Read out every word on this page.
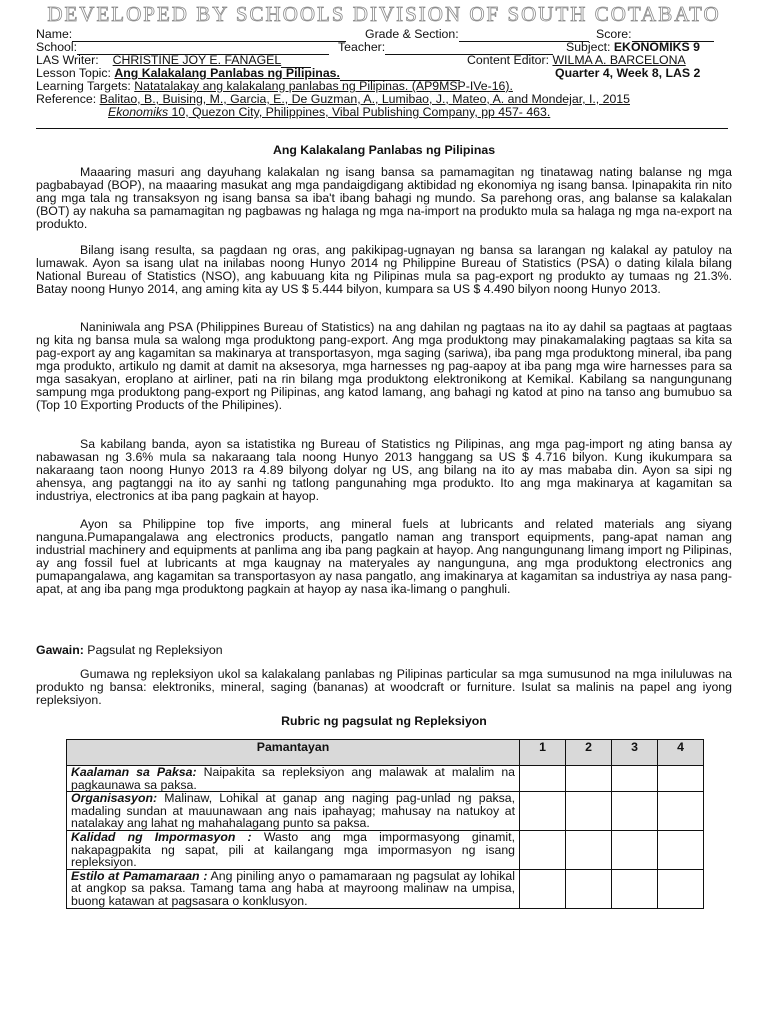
DEVELOPED BY SCHOOLS DIVISION OF SOUTH COTABATO
Name:	Grade & Section:	Score:
School:	Teacher:	Subject: EKONOMIKS 9
LAS Writer: CHRISTINE JOY E. FANAGEL	Content Editor: WILMA A. BARCELONA
Lesson Topic: Ang Kalakalang Panlabas ng Pilipinas.	Quarter 4, Week 8, LAS 2
Learning Targets: Natatalakay ang kalakalang panlabas ng Pilipinas. (AP9MSP-IVe-16).
Reference: Balitao, B., Buising, M., Garcia, E., De Guzman, A., Lumibao, J., Mateo, A. and Mondejar, I., 2015
Ekonomiks 10, Quezon City, Philippines, Vibal Publishing Company, pp 457- 463.
Ang Kalakalang Panlabas ng Pilipinas

Maaaring masuri ang dayuhang kalakalan ng isang bansa sa pamamagitan ng tinatawag nating balanse ng mga pagbabayad (BOP), na maaaring masukat ang mga pandaigdigang aktibidad ng ekonomiya ng isang bansa. Ipinapakita rin nito ang mga tala ng transaksyon ng isang bansa sa iba't ibang bahagi ng mundo. Sa parehong oras, ang balanse sa kalakalan (BOT) ay nakuha sa pamamagitan ng pagbawas ng halaga ng mga na-import na produkto mula sa halaga ng mga na-export na produkto.

Bilang isang resulta, sa pagdaan ng oras, ang pakikipag-ugnayan ng bansa sa larangan ng kalakal ay patuloy na lumawak. Ayon sa isang ulat na inilabas noong Hunyo 2014 ng Philippine Bureau of Statistics (PSA) o dating kilala bilang National Bureau of Statistics (NSO), ang kabuuang kita ng Pilipinas mula sa pag-export ng produkto ay tumaas ng 21.3%. Batay noong Hunyo 2014, ang aming kita ay US $ 5.444 bilyon, kumpara sa US $ 4.490 bilyon noong Hunyo 2013.

Naniniwala ang PSA (Philippines Bureau of Statistics) na ang dahilan ng pagtaas na ito ay dahil sa pagtaas at pagtaas ng kita ng bansa mula sa walong mga produktong pang-export. Ang mga produktong may pinakamalaking pagtaas sa kita sa pag-export ay ang kagamitan sa makinarya at transportasyon, mga saging (sariwa), iba pang mga produktong mineral, iba pang mga produkto, artikulo ng damit at damit na aksesorya, mga harnesses ng pag-aapoy at iba pang mga wire harnesses para sa mga sasakyan, eroplano at airliner, pati na rin bilang mga produktong elektronikong at Kemikal. Kabilang sa nangungunang sampung mga produktong pang-export ng Pilipinas, ang katod lamang, ang bahagi ng katod at pino na tanso ang bumubuo sa (Top 10 Exporting Products of the Philipines).

Sa kabilang banda, ayon sa istatistika ng Bureau of Statistics ng Pilipinas, ang mga pag-import ng ating bansa ay nabawasan ng 3.6% mula sa nakaraang tala noong Hunyo 2013 hanggang sa US $ 4.716 bilyon. Kung ikukumpara sa nakaraang taon noong Hunyo 2013 ra 4.89 bilyong dolyar ng US, ang bilang na ito ay mas mababa din. Ayon sa sipi ng ahensya, ang pagtanggi na ito ay sanhi ng tatlong pangunahing mga produkto. Ito ang mga makinarya at kagamitan sa industriya, electronics at iba pang pagkain at hayop.

Ayon sa Philippine top five imports, ang mineral fuels at lubricants and related materials ang siyang nanguna.Pumapangalawa ang electronics products, pangatlo naman ang transport equipments, pang-apat naman ang industrial machinery and equipments at panlima ang iba pang pagkain at hayop. Ang nangungunang limang import ng Pilipinas, ay ang fossil fuel at lubricants at mga kaugnay na materyales ay nangunguna, ang mga produktong electronics ang pumapangalawa, ang kagamitan sa transportasyon ay nasa pangatlo, ang imakinarya at kagamitan sa industriya ay nasa pang-apat, at ang iba pang mga produktong pagkain at hayop ay nasa ika-limang o panghuli.

Gawain: Pagsulat ng Repleksiyon

Gumawa ng repleksiyon ukol sa kalakalang panlabas ng Pilipinas particular sa mga sumusunod na mga iniluluwas na produkto ng bansa: elektroniks, mineral, saging (bananas) at woodcraft or furniture. Isulat sa malinis na papel ang iyong repleksiyon.

Rubric ng pagsulat ng Repleksiyon
Pamantayan	1	2	3	4
Kaalaman sa Paksa: Naipakita sa repleksiyon ang malawak at malalim na pagkaunawa sa paksa.				
Organisasyon: Malinaw, Lohikal at ganap ang naging pag-unlad ng paksa, madaling sundan at mauunawaan ang nais ipahayag; mahusay na natukoy at natalakay ang lahat ng mahahalagang punto sa paksa.				
Kalidad ng Impormasyon : Wasto ang mga impormasyong ginamit, nakapagpakita ng sapat, pili at kailangang mga impormasyon ng isang repleksiyon.				
Estilo at Pamamaraan : Ang piniling anyo o pamamaraan ng pagsulat ay lohikal at angkop sa paksa. Tamang tama ang haba at mayroong malinaw na umpisa, buong katawan at pagsasara o konklusyon.				
